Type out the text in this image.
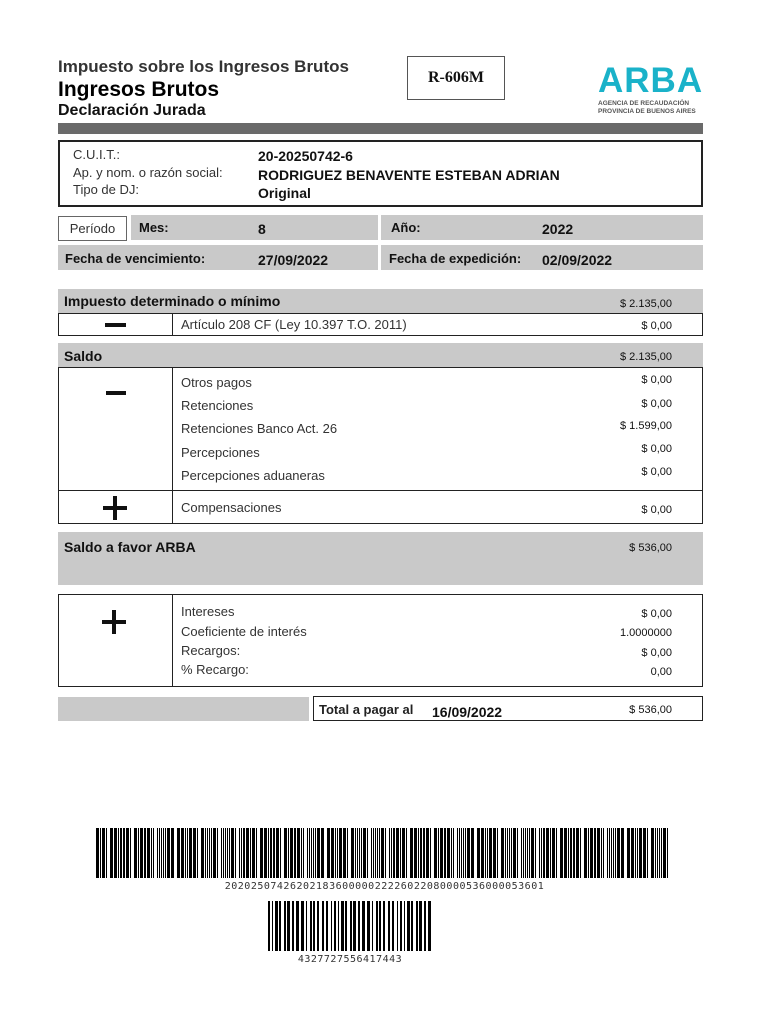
Impuesto sobre los Ingresos Brutos
Ingresos Brutos
Declaración Jurada
R-606M	ARBA
AGENCIA DE RECAUDACIÓN
PROVINCIA DE BUENOS AIRES
C.U.I.T.:	20-20250742-6
Ap. y nom. o razón social:	RODRIGUEZ BENAVENTE ESTEBAN ADRIAN
Tipo de DJ:	Original
Período Mes:	8	Año:	2022
Fecha de vencimiento:	27/09/2022	Fecha de expedición: 02/09/2022
Impuesto determinado o mínimo	$ 2.135,00
Artículo 208 CF (Ley 10.397 T.O. 2011)	$ 0,00
Saldo	$ 2.135,00
Otros pagos	$ 0,00
Retenciones	$ 0,00
Retenciones Banco Act. 26	$ 1.599,00
Percepciones	$ 0,00
Percepciones aduaneras	$ 0,00
Compensaciones	$ 0,00
Saldo a favor ARBA	$ 536,00
Intereses	$ 0,00
Coeficiente de interés	1.0000000
Recargos:	$ 0,00
% Recargo:	0,00
Total a pagar al 16/09/2022	$ 536,00
2020250742620218360000022226022080000536000053601
4327727556417443
